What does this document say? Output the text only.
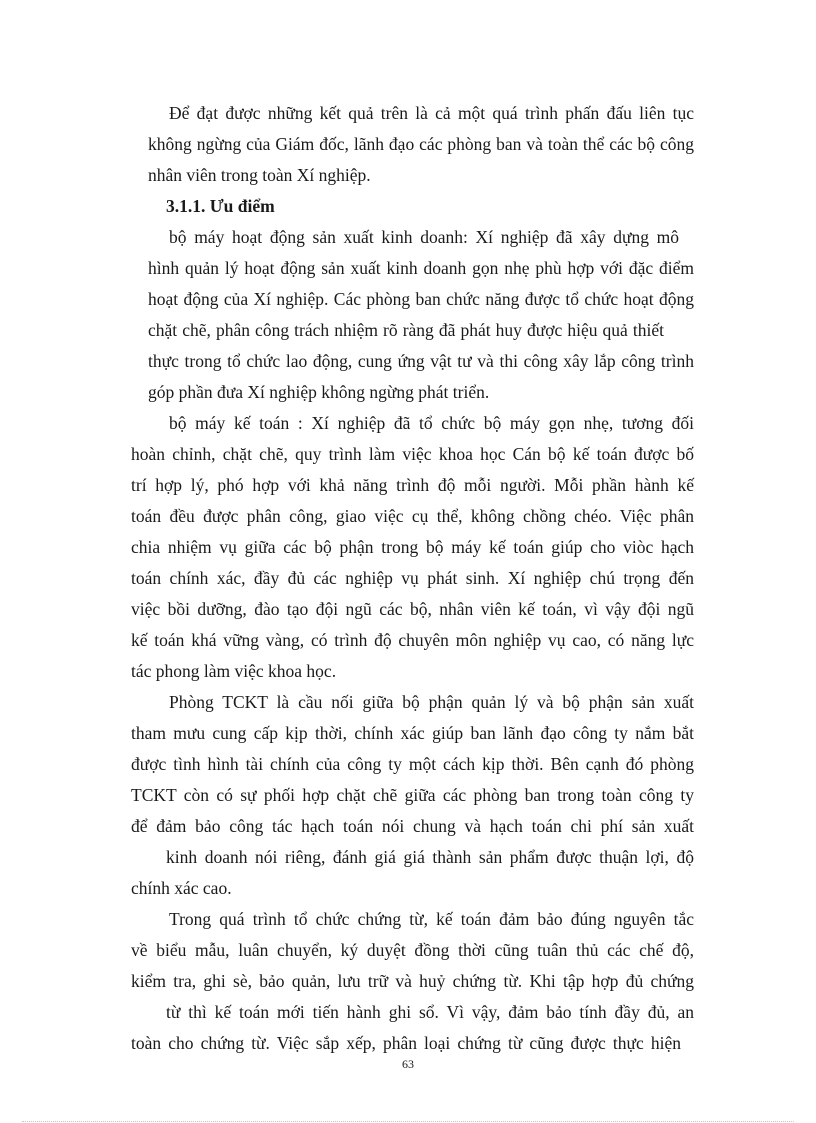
Để đạt được những kết quả trên là cả một quá trình phấn đấu liên tục
không ngừng của Giám đốc, lãnh đạo các phòng ban và toàn thể các bộ công
nhân viên trong toàn Xí nghiệp.
3.1.1. Ưu điểm
bộ máy hoạt động sản xuất kinh doanh: Xí nghiệp đã xây dựng mô
hình quản lý hoạt động sản xuất kinh doanh gọn nhẹ phù hợp với đặc điểm
hoạt động của Xí nghiệp. Các phòng ban chức năng được tổ chức hoạt động
chặt chẽ, phân công trách nhiệm rõ ràng đã phát huy được hiệu quả thiết
thực trong tổ chức lao động, cung ứng vật tư và thi công xây lắp công trình
góp phần đưa Xí nghiệp không ngừng phát triển.
bộ máy kế toán : Xí nghiệp đã tổ chức bộ máy gọn nhẹ, tương đối
hoàn chỉnh, chặt chẽ, quy trình làm việc khoa học Cán bộ kế toán được bố
trí hợp lý, phó hợp với khả năng trình độ mỗi người. Mỗi phần hành kế
toán đều được phân công, giao việc cụ thể, không chồng chéo. Việc phân
chia nhiệm vụ giữa các bộ phận trong bộ máy kế toán giúp cho viòc hạch
toán chính xác, đầy đủ các nghiệp vụ phát sinh. Xí nghiệp chú trọng đến
việc bồi dưỡng, đào tạo đội ngũ các bộ, nhân viên kế toán, vì vậy đội ngũ
kế toán khá vững vàng, có trình độ chuyên môn nghiệp vụ cao, có năng lực
tác phong làm việc khoa học.
Phòng TCKT là cầu nối giữa bộ phận quản lý và bộ phận sản xuất
tham mưu cung cấp kịp thời, chính xác giúp ban lãnh đạo công ty nắm bắt
được tình hình tài chính của công ty một cách kịp thời. Bên cạnh đó phòng
TCKT còn có sự phối hợp chặt chẽ giữa các phòng ban trong toàn công ty
để đảm bảo công tác hạch toán nói chung và hạch toán chi phí sản xuất
kinh doanh nói riêng, đánh giá giá thành sản phẩm được thuận lợi, độ
chính xác cao.
Trong quá trình tổ chức chứng từ, kế toán đảm bảo đúng nguyên tắc
về biểu mẫu, luân chuyển, ký duyệt đồng thời cũng tuân thủ các chế độ,
kiểm tra, ghi sè, bảo quản, lưu trữ và huỷ chứng từ. Khi tập hợp đủ chứng
từ thì kế toán mới tiến hành ghi sổ. Vì vậy, đảm bảo tính đầy đủ, an
toàn cho chứng từ. Việc sắp xếp, phân loại chứng từ cũng được thực hiện
63
